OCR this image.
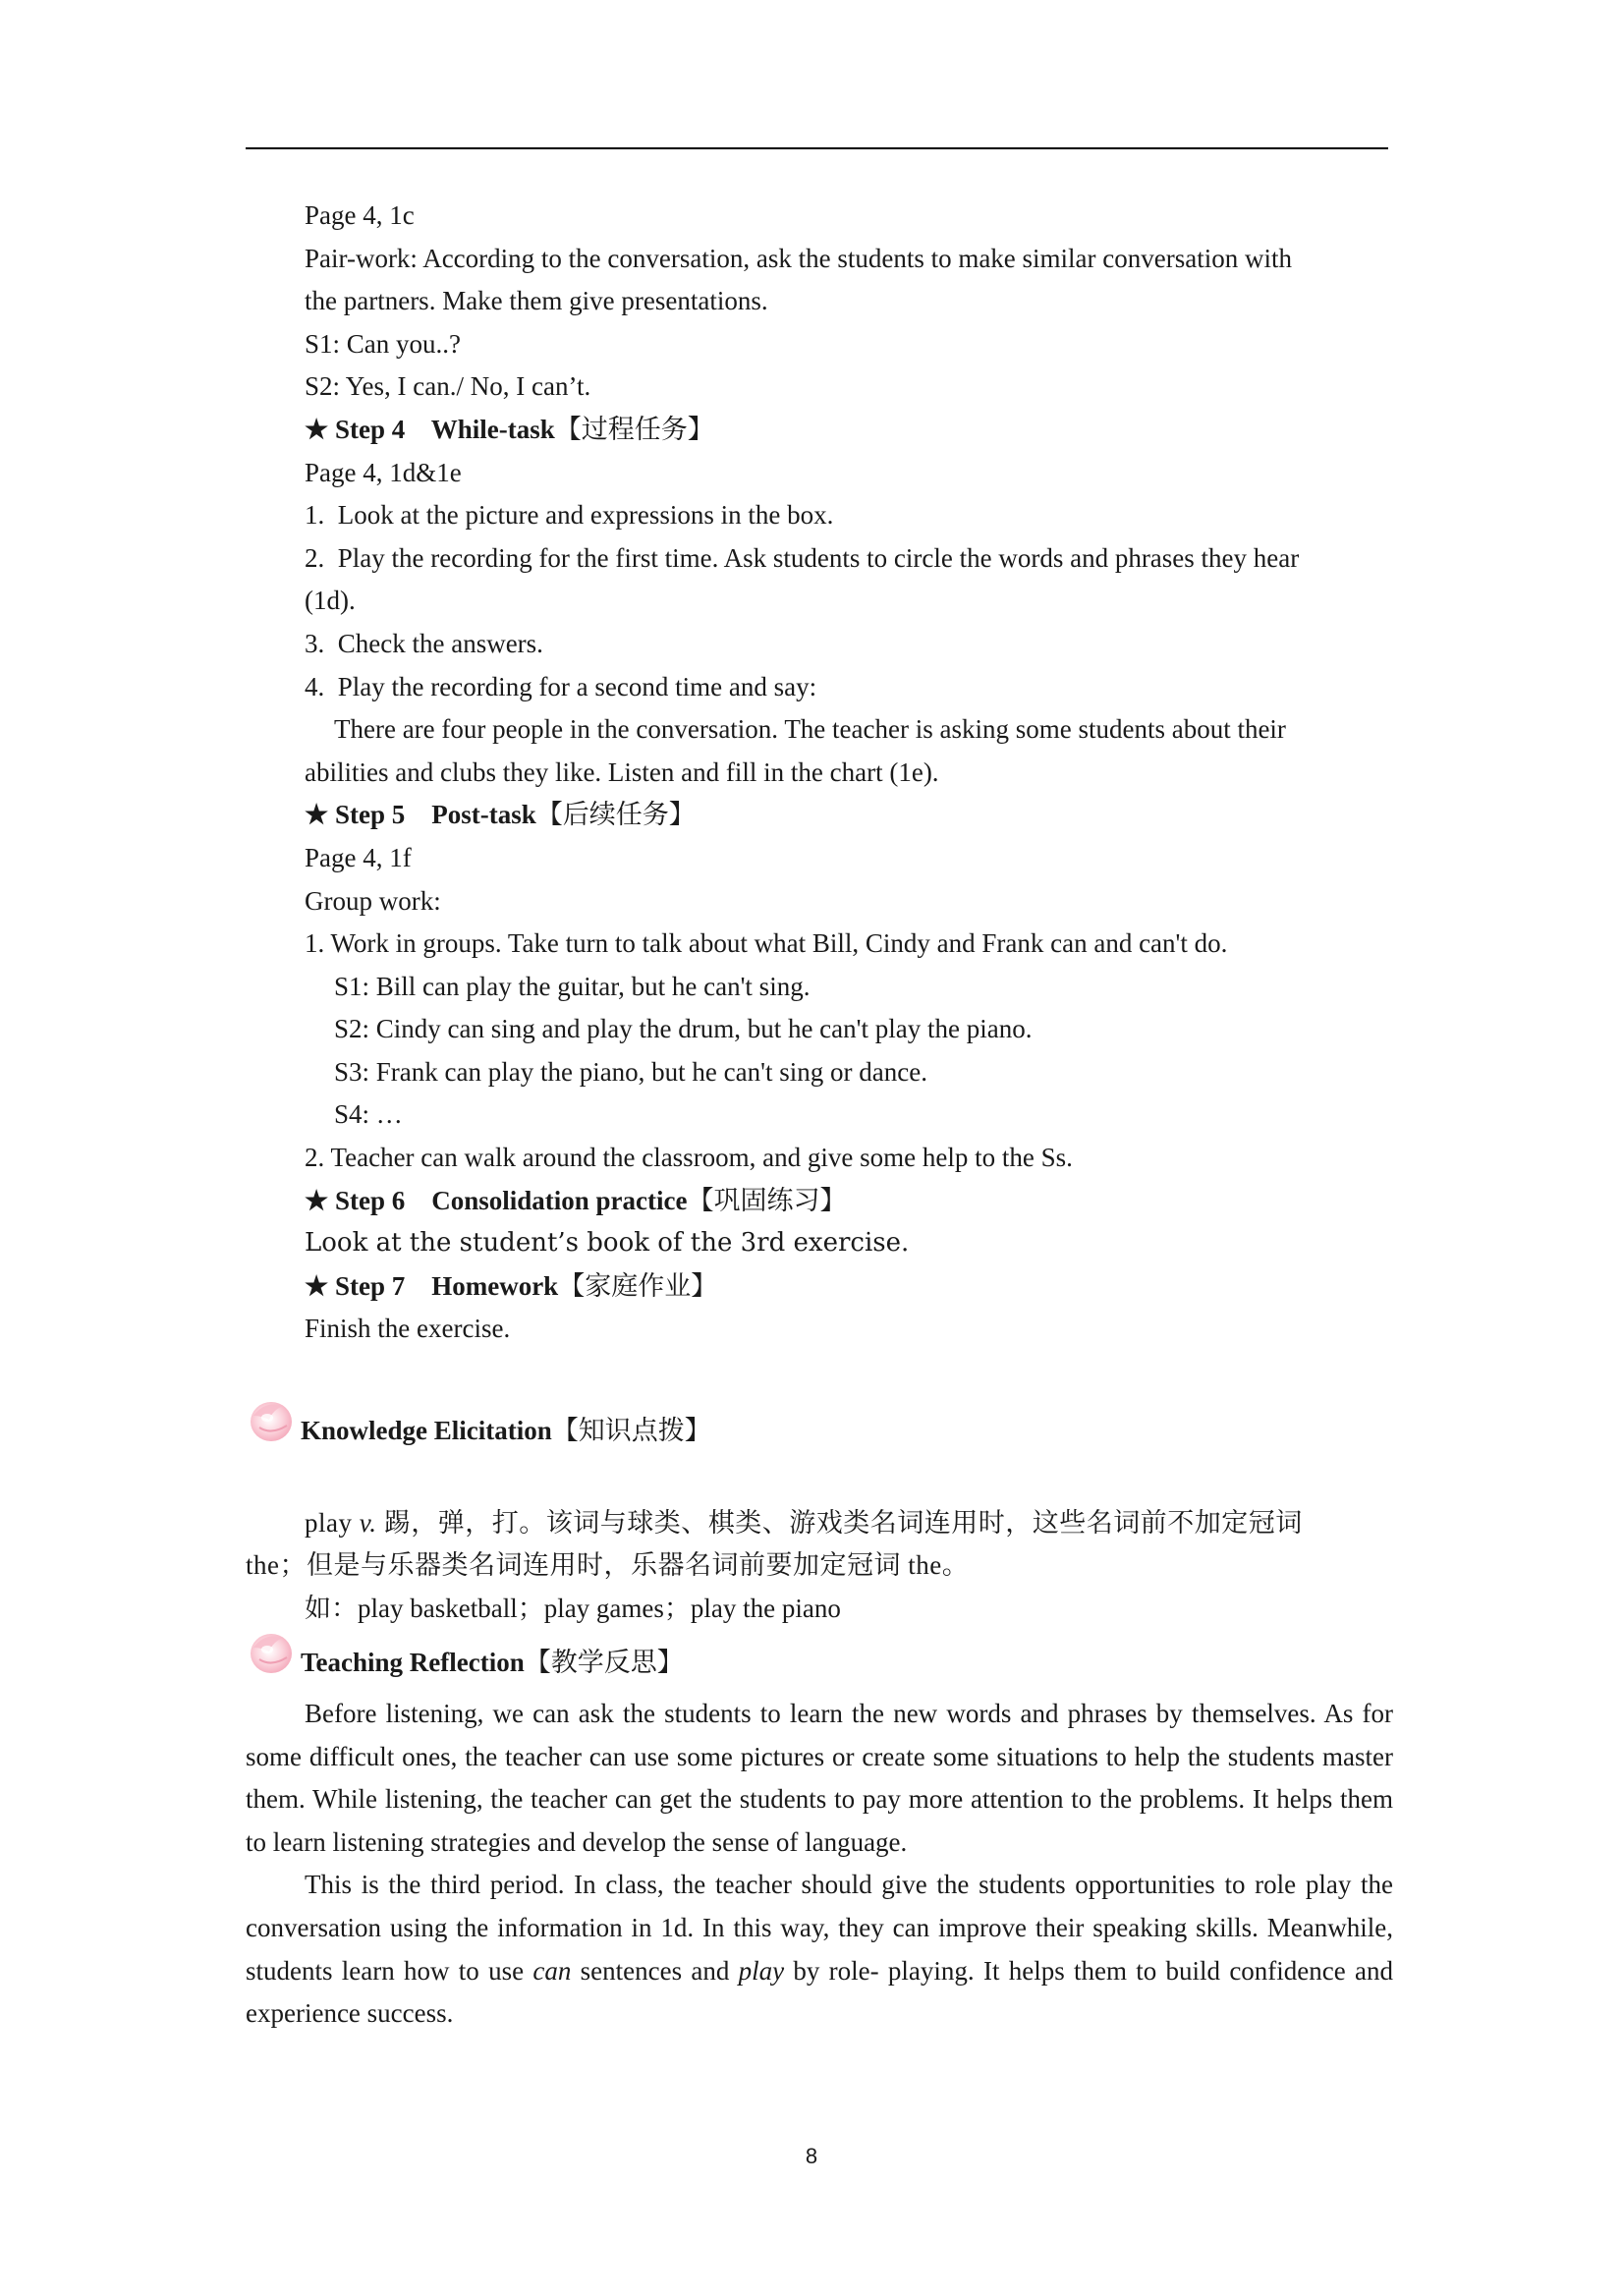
Page 4, 1c
Pair-work: According to the conversation, ask the students to make similar conversation with
the partners. Make them give presentations.
S1: Can you..?
S2: Yes, I can./ No, I can’t.
★ Step 4    While-task【过程任务】
Page 4, 1d&1e
1.  Look at the picture and expressions in the box.
2.  Play the recording for the first time. Ask students to circle the words and phrases they hear
(1d).
3.  Check the answers.
4.  Play the recording for a second time and say:
There are four people in the conversation. The teacher is asking some students about their
abilities and clubs they like. Listen and fill in the chart (1e).
★ Step 5    Post-task【后续任务】
Page 4, 1f
Group work:
1. Work in groups. Take turn to talk about what Bill, Cindy and Frank can and can't do.
S1: Bill can play the guitar, but he can't sing.
S2: Cindy can sing and play the drum, but he can't play the piano.
S3: Frank can play the piano, but he can't sing or dance.
S4: …
2. Teacher can walk around the classroom, and give some help to the Ss.
★ Step 6    Consolidation practice【巩固练习】
Look at the student’s book of the 3rd exercise.
★ Step 7    Homework【家庭作业】
Finish the exercise.
Knowledge Elicitation【知识点拨】
play v. 踢，弹，打。该词与球类、棋类、游戏类名词连用时，这些名词前不加定冠词
the；但是与乐器类名词连用时，乐器名词前要加定冠词 the。
如：play basketball；play games；play the piano
Teaching Reflection【教学反思】
Before listening, we can ask the students to learn the new words and phrases by themselves. As for some difficult ones, the teacher can use some pictures or create some situations to help the students master them. While listening, the teacher can get the students to pay more attention to the problems. It helps them to learn listening strategies and develop the sense of language.
This is the third period. In class, the teacher should give the students opportunities to role play the conversation using the information in 1d. In this way, they can improve their speaking skills. Meanwhile, students learn how to use can sentences and play by role- playing. It helps them to build confidence and experience success.
8
